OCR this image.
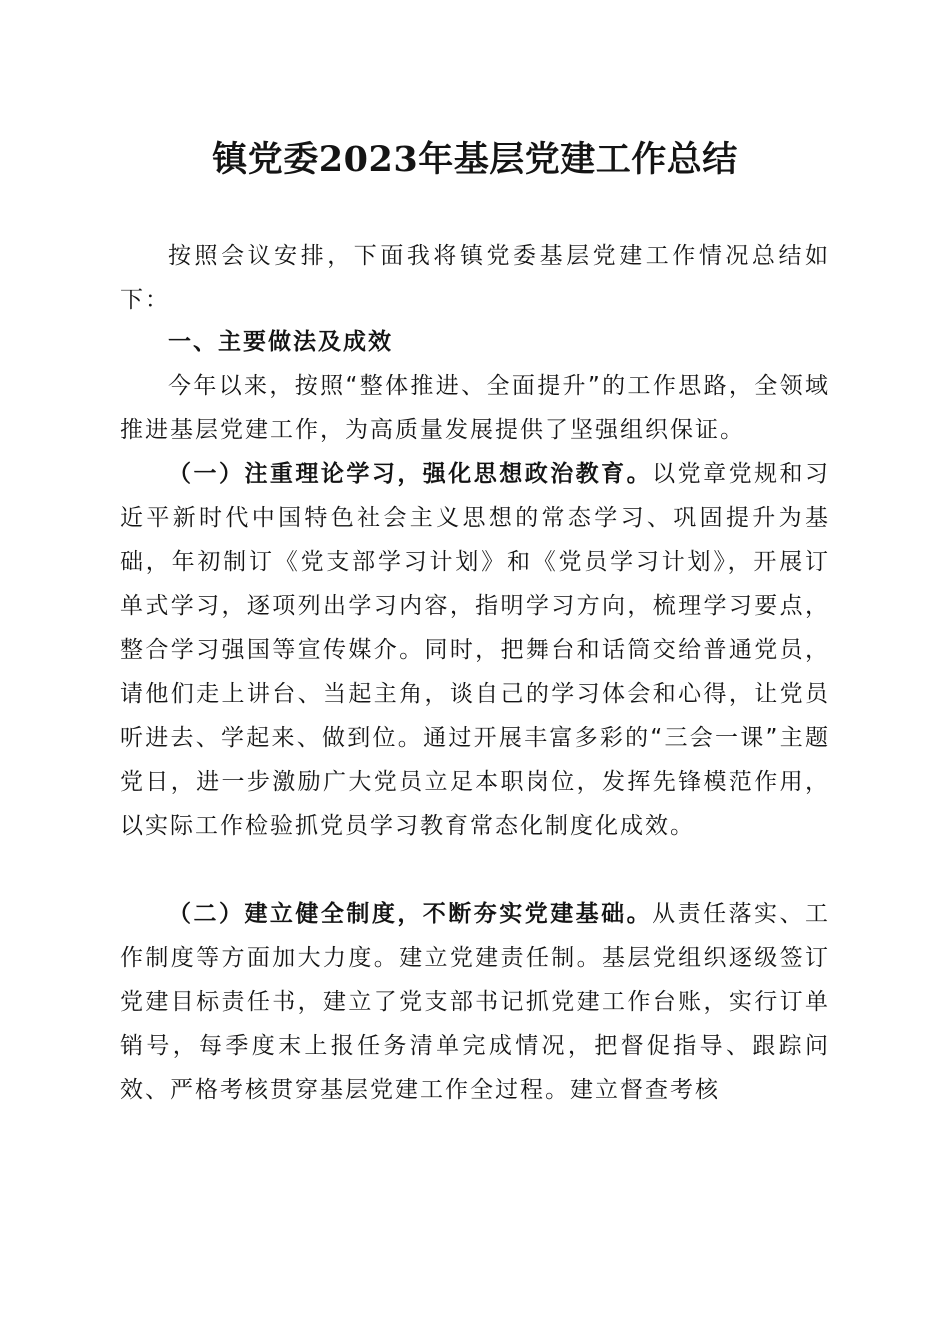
镇党委2023年基层党建工作总结
按照会议安排，下面我将镇党委基层党建工作情况总结如下：
一、主要做法及成效
今年以来，按照“整体推进、全面提升”的工作思路，全领域推进基层党建工作，为高质量发展提供了坚强组织保证。
（一）注重理论学习，强化思想政治教育。以党章党规和习近平新时代中国特色社会主义思想的常态学习、巩固提升为基础，年初制订《党支部学习计划》和《党员学习计划》，开展订单式学习，逐项列出学习内容，指明学习方向，梳理学习要点，整合学习强国等宣传媒介。同时，把舞台和话筒交给普通党员，请他们走上讲台、当起主角，谈自己的学习体会和心得，让党员听进去、学起来、做到位。通过开展丰富多彩的“三会一课”主题党日，进一步激励广大党员立足本职岗位，发挥先锋模范作用，以实际工作检验抓党员学习教育常态化制度化成效。
（二）建立健全制度，不断夯实党建基础。从责任落实、工作制度等方面加大力度。建立党建责任制。基层党组织逐级签订党建目标责任书，建立了党支部书记抓党建工作台账，实行订单销号，每季度末上报任务清单完成情况，把督促指导、跟踪问效、严格考核贯穿基层党建工作全过程。建立督查考核
